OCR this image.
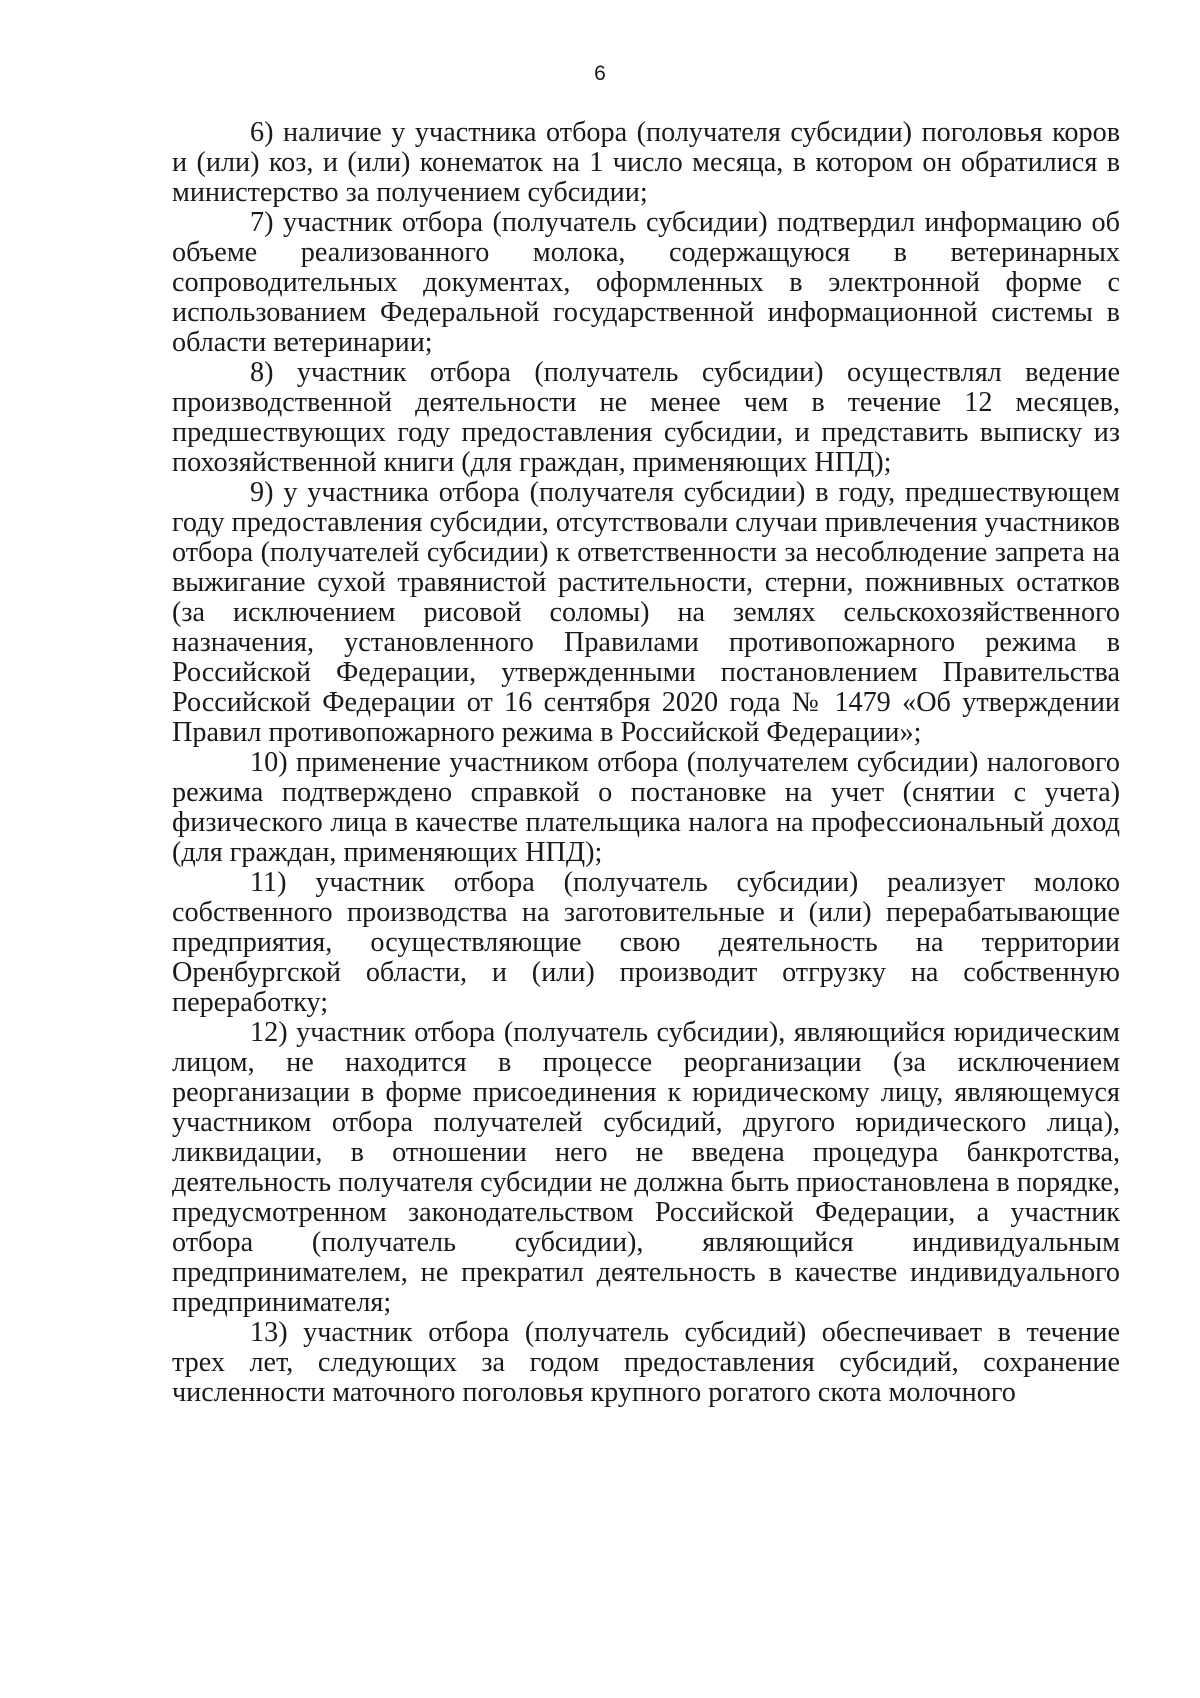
6

6) наличие у участника отбора (получателя субсидии) поголовья коров и (или) коз, и (или) конематок на 1 число месяца, в котором он обратилися в министерство за получением субсидии;

7) участник отбора (получатель субсидии) подтвердил информацию об объеме реализованного молока, содержащуюся в ветеринарных сопроводительных документах, оформленных в электронной форме с использованием Федеральной государственной информационной системы в области ветеринарии;

8) участник отбора (получатель субсидии) осуществлял ведение производственной деятельности не менее чем в течение 12 месяцев, предшествующих году предоставления субсидии, и представить выписку из похозяйственной книги (для граждан, применяющих НПД);

9) у участника отбора (получателя субсидии) в году, предшествующем году предоставления субсидии, отсутствовали случаи привлечения участников отбора (получателей субсидии) к ответственности за несоблюдение запрета на выжигание сухой травянистой растительности, стерни, пожнивных остатков (за исключением рисовой соломы) на землях сельскохозяйственного назначения, установленного Правилами противопожарного режима в Российской Федерации, утвержденными постановлением Правительства Российской Федерации от 16 сентября 2020 года № 1479 «Об утверждении Правил противопожарного режима в Российской Федерации»;

10) применение участником отбора (получателем субсидии) налогового режима подтверждено справкой о постановке на учет (снятии с учета) физического лица в качестве плательщика налога на профессиональный доход (для граждан, применяющих НПД);

11) участник отбора (получатель субсидии) реализует молоко собственного производства на заготовительные и (или) перерабатывающие предприятия, осуществляющие свою деятельность на территории Оренбургской области, и (или) производит отгрузку на собственную переработку;

12) участник отбора (получатель субсидии), являющийся юридическим лицом, не находится в процессе реорганизации (за исключением реорганизации в форме присоединения к юридическому лицу, являющемуся участником отбора получателей субсидий, другого юридического лица), ликвидации, в отношении него не введена процедура банкротства, деятельность получателя субсидии не должна быть приостановлена в порядке, предусмотренном законодательством Российской Федерации, а участник отбора (получатель субсидии), являющийся индивидуальным предпринимателем, не прекратил деятельность в качестве индивидуального предпринимателя;

13) участник отбора (получатель субсидий) обеспечивает в течение трех лет, следующих за годом предоставления субсидий, сохранение численности маточного поголовья крупного рогатого скота молочного
